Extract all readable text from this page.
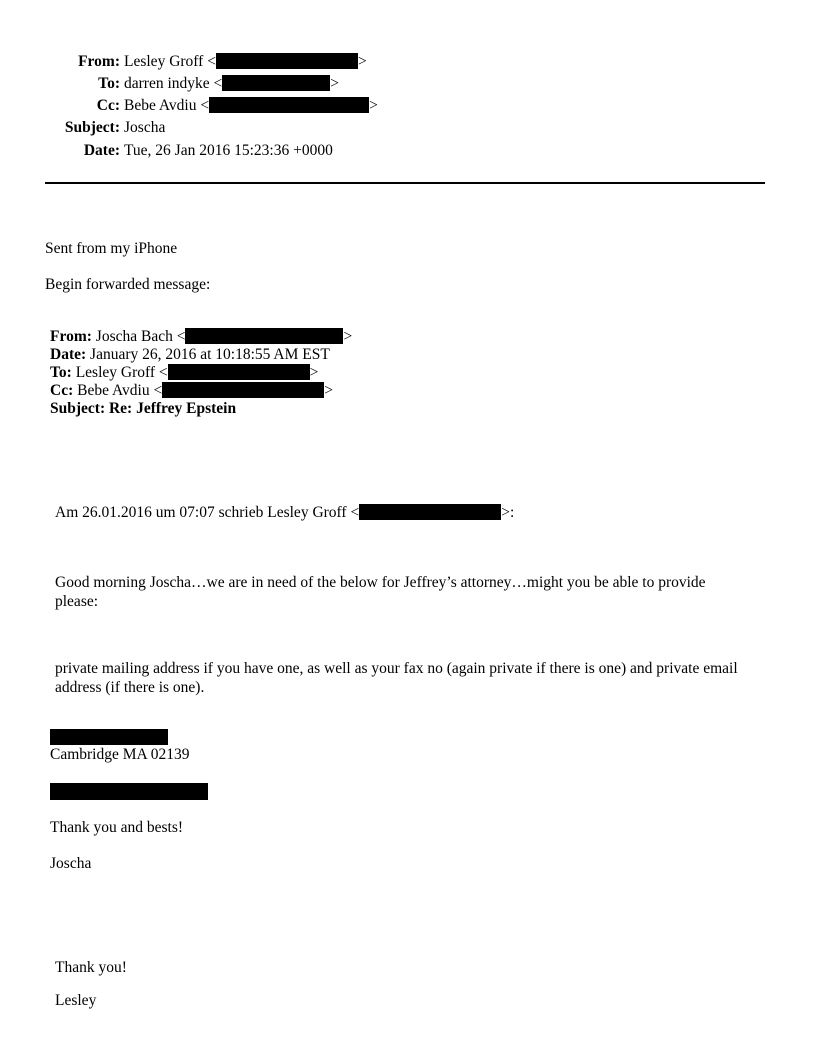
From: Lesley Groff <	>
To: darren indyke <	>
Cc: Bebe Avdiu <	>
Subject: Joscha
Date: Tue, 26 Jan 2016 15:23:36 +0000
Sent from my iPhone
Begin forwarded message:
From: Joscha Bach <	>
Date: January 26, 2016 at 10:18:55 AM EST
To: Lesley Groff <	>
Cc: Bebe Avdiu <	>
Subject: Re: Jeffrey Epstein
Am 26.01.2016 um 07:07 schrieb Lesley Groff <	>:
Good morning Joscha…we are in need of the below for Jeffrey’s attorney…might you be able to provide please:
private mailing address if you have one, as well as your fax no (again private if there is one) and private email address (if there is one).
Cambridge MA 02139
Thank you and bests!
Joscha
Thank you!
Lesley
